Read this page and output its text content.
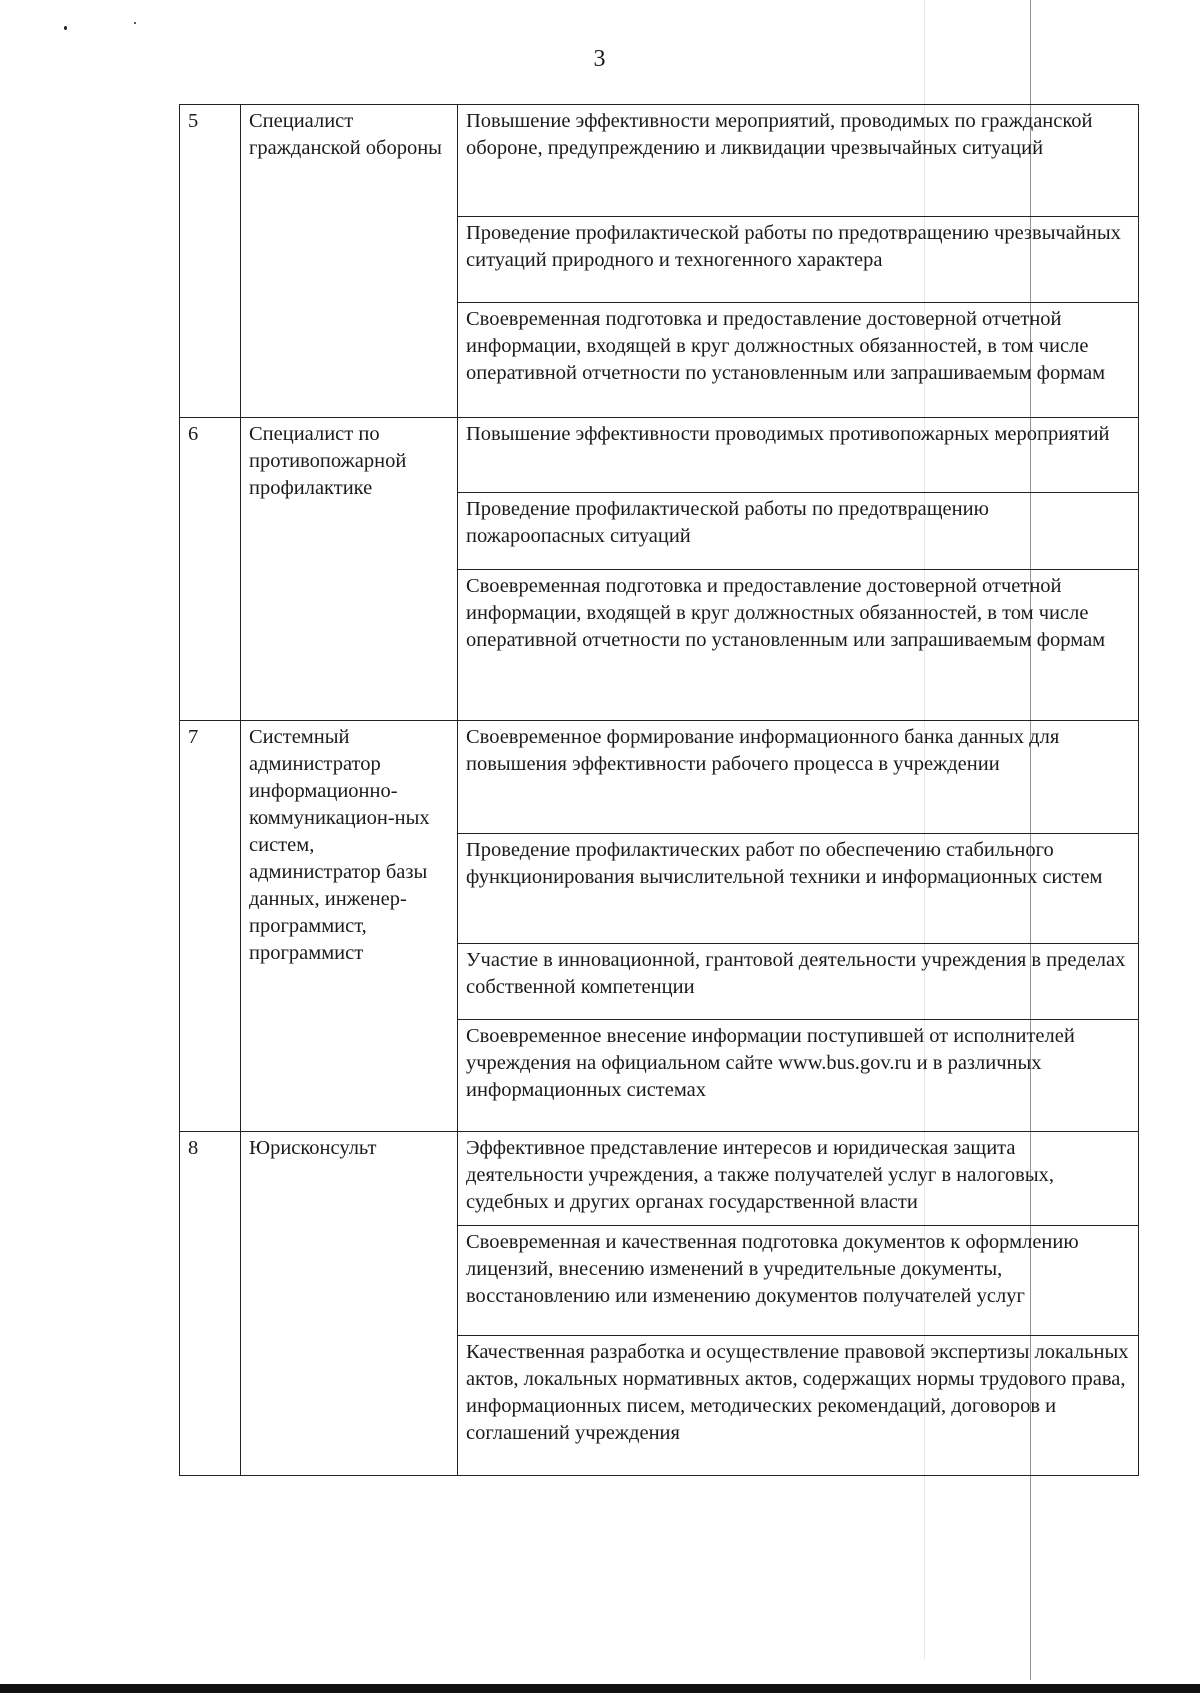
3
5	Специалист гражданской обороны	Повышение эффективности мероприятий, проводимых по гражданской обороне, предупреждению и ликвидации чрезвычайных ситуаций
		Проведение профилактической работы по предотвращению чрезвычайных ситуаций природного и техногенного характера
		Своевременная подготовка и предоставление достоверной отчетной информации, входящей в круг должностных обязанностей, в том числе оперативной отчетности по установленным или запрашиваемым формам
6	Специалист по противопожарной профилактике	Повышение эффективности проводимых противопожарных мероприятий
		Проведение профилактической работы по предотвращению пожароопасных ситуаций
		Своевременная подготовка и предоставление достоверной отчетной информации, входящей в круг должностных обязанностей, в том числе оперативной отчетности по установленным или запрашиваемым формам
7	Системный администратор информационно-коммуникацион-ных систем, администратор базы данных, инженер-программист, программист	Своевременное формирование информационного банка данных для повышения эффективности рабочего процесса в учреждении
		Проведение профилактических работ по обеспечению стабильного функционирования вычислительной техники и информационных систем
		Участие в инновационной, грантовой деятельности учреждения в пределах собственной компетенции
		Своевременное внесение информации поступившей от исполнителей учреждения на официальном сайте www.bus.gov.ru и в различных информационных системах
8	Юрисконсульт	Эффективное представление интересов и юридическая защита деятельности учреждения, а также получателей услуг в налоговых, судебных и других органах государственной власти
		Своевременная и качественная подготовка документов к оформлению лицензий, внесению изменений в учредительные документы, восстановлению или изменению документов получателей услуг
		Качественная разработка и осуществление правовой экспертизы локальных актов, локальных нормативных актов, содержащих нормы трудового права, информационных писем, методических рекомендаций, договоров и соглашений учреждения
